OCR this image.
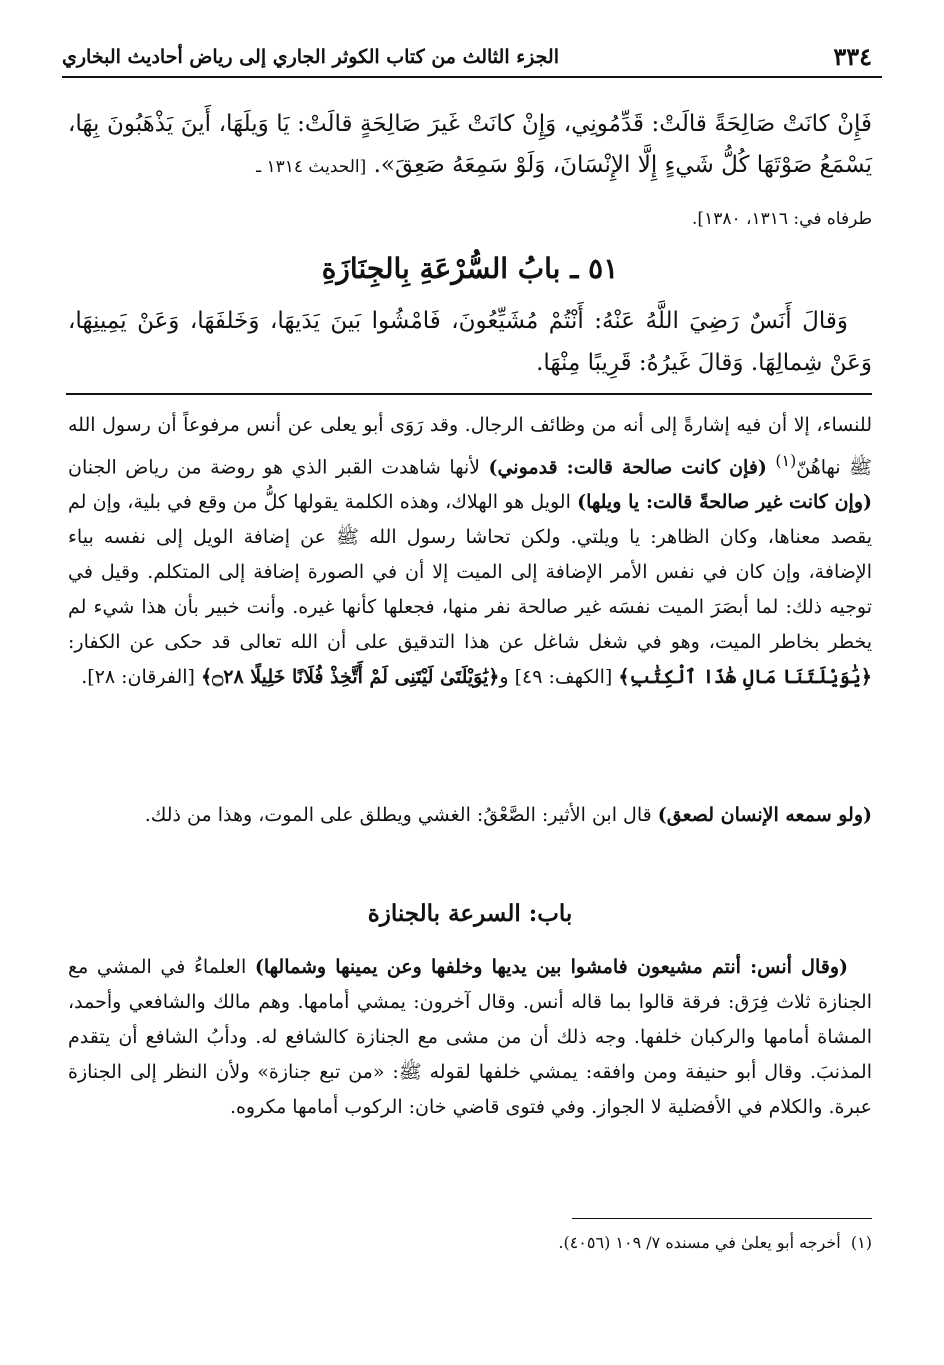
٣٣٤
الجزء الثالث من كتاب الكوثر الجاري إلى رياض أحاديث البخاري
فَإِنْ كانَتْ صَالِحَةً قالَتْ: قَدِّمُونِي، وَإِنْ كانَتْ غَيرَ صَالِحَةٍ قالَتْ: يَا وَيلَهَا، أَينَ يَذْهَبُونَ بِهَا، يَسْمَعُ صَوْتَهَا كُلُّ شَيءٍ إِلَّا الإِنْسَانَ، وَلَوْ سَمِعَهُ صَعِقَ». [الحديث ١٣١٤ ـ
طرفاه في: ١٣١٦، ١٣٨٠].
٥١ ـ بابُ السُّرْعَةِ بِالجِنَازَةِ
وَقالَ أَنَسٌ رَضِيَ اللَّهُ عَنْهُ: أَنْتُمْ مُشَيِّعُونَ، فَامْشُوا بَينَ يَدَيهَا، وَخَلفَهَا، وَعَنْ يَمِينِهَا، وَعَنْ شِمالِهَا. وَقالَ غَيرُهُ: قَرِيبًا مِنْهَا.
للنساء، إلا أن فيه إشارةً إلى أنه من وظائف الرجال. وقد رَوَى أبو يعلى عن أنس مرفوعاً أن رسول الله ﷺ نهاهُنّ$^{(١)}$ (فإن كانت صالحة قالت: قدموني) لأنها شاهدت القبر الذي هو روضة من رياض الجنان (وإن كانت غير صالحةً قالت: يا ويلها) الويل هو الهلاك، وهذه الكلمة يقولها كلُّ من وقع في بلية، وإن لم يقصد معناها، وكان الظاهر: يا ويلتي. ولكن تحاشا رسول الله ﷺ عن إضافة الويل إلى نفسه بياء الإضافة، وإن كان في نفس الأمر الإضافة إلى الميت إلا أن في الصورة إضافة إلى المتكلم. وقيل في توجيه ذلك: لما أبصَرَ الميت نفسَه غير صالحة نفر منها، فجعلها كأنها غيره. وأنت خبير بأن هذا شيء لم يخطر بخاطر الميت، وهو في شغل شاغل عن هذا التدقيق على أن الله تعالى قد حكى عن الكفار: ﴿يَٰوَيْلَتَنَا مَالِ هَٰذَا ٱلْكِتَٰبِ﴾ [الكهف: ٤٩] و﴿يَٰوَيْلَتَىٰ لَيْتَنِى لَمْ أَتَّخِذْ فُلَانًا خَلِيلًا ۝٢٨﴾ [الفرقان: ٢٨].
(ولو سمعه الإنسان لصعق) قال ابن الأثير: الصَّعْقُ: الغشي ويطلق على الموت، وهذا من ذلك.
باب: السرعة بالجنازة
(وقال أنس: أنتم مشيعون فامشوا بين يديها وخلفها وعن يمينها وشمالها) العلماءُ في المشي مع الجنازة ثلاث فِرَق: فرقة قالوا بما قاله أنس. وقال آخرون: يمشي أمامها. وهم مالك والشافعي وأحمد، المشاة أمامها والركبان خلفها. وجه ذلك أن من مشى مع الجنازة كالشافع له. ودأبُ الشافع أن يتقدم المذنبَ. وقال أبو حنيفة ومن وافقه: يمشي خلفها لقوله ﷺ: «من تبع جنازة» ولأن النظر إلى الجنازة عبرة. والكلام في الأفضلية لا الجواز. وفي فتوى قاضي خان: الركوب أمامها مكروه.
(١)  أخرجه أبو يعلىٰ في مسنده ٧/ ١٠٩ (٤٠٥٦).
